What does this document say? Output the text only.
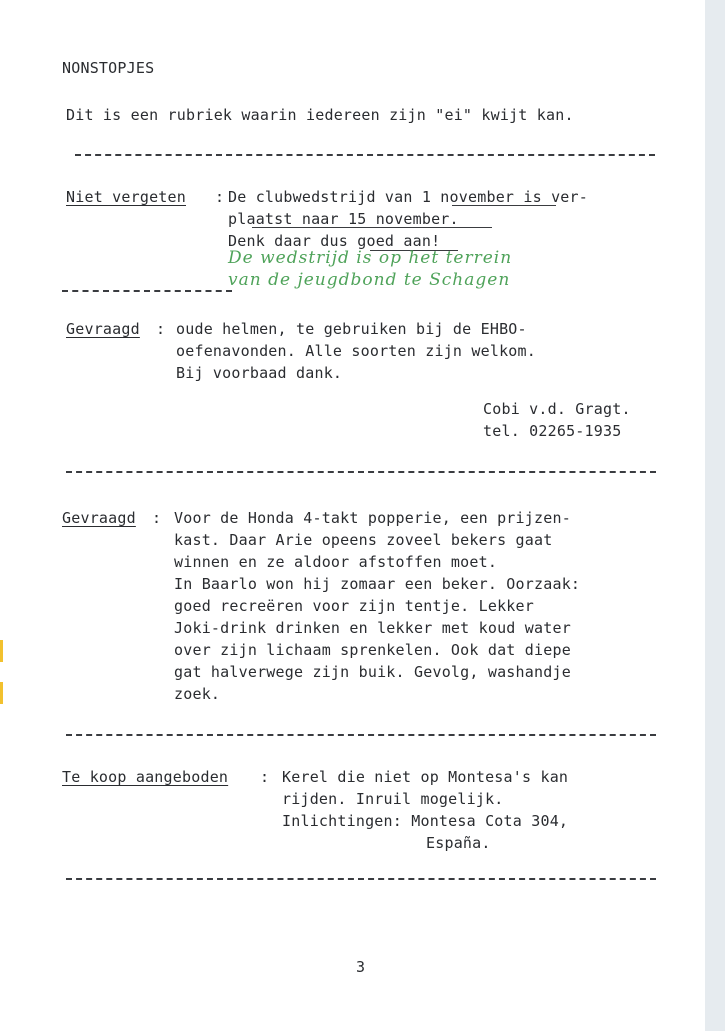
NONSTOPJES
Dit is een rubriek waarin iedereen zijn "ei" kwijt kan.
Niet vergeten : De clubwedstrijd van 1 november is ver-
plaatst naar 15 november.
Denk daar dus goed aan!
De wedstrijd is op het terrein
van de jeugdbond te Schagen
Gevraagd : oude helmen, te gebruiken bij de EHBO-
oefenavonden. Alle soorten zijn welkom.
Bij voorbaad dank.
Cobi v.d. Gragt.
tel. 02265-1935
Gevraagd : Voor de Honda 4-takt popperie, een prijzen-
kast. Daar Arie opeens zoveel bekers gaat
winnen en ze aldoor afstoffen moet.
In Baarlo won hij zomaar een beker. Oorzaak:
goed recreëren voor zijn tentje. Lekker
Joki-drink drinken en lekker met koud water
over zijn lichaam sprenkelen. Ook dat diepe
gat halverwege zijn buik. Gevolg, washandje
zoek.
Te koop aangeboden : Kerel die niet op Montesa's kan
rijden. Inruil mogelijk.
Inlichtingen: Montesa Cota 304,
España.
3
